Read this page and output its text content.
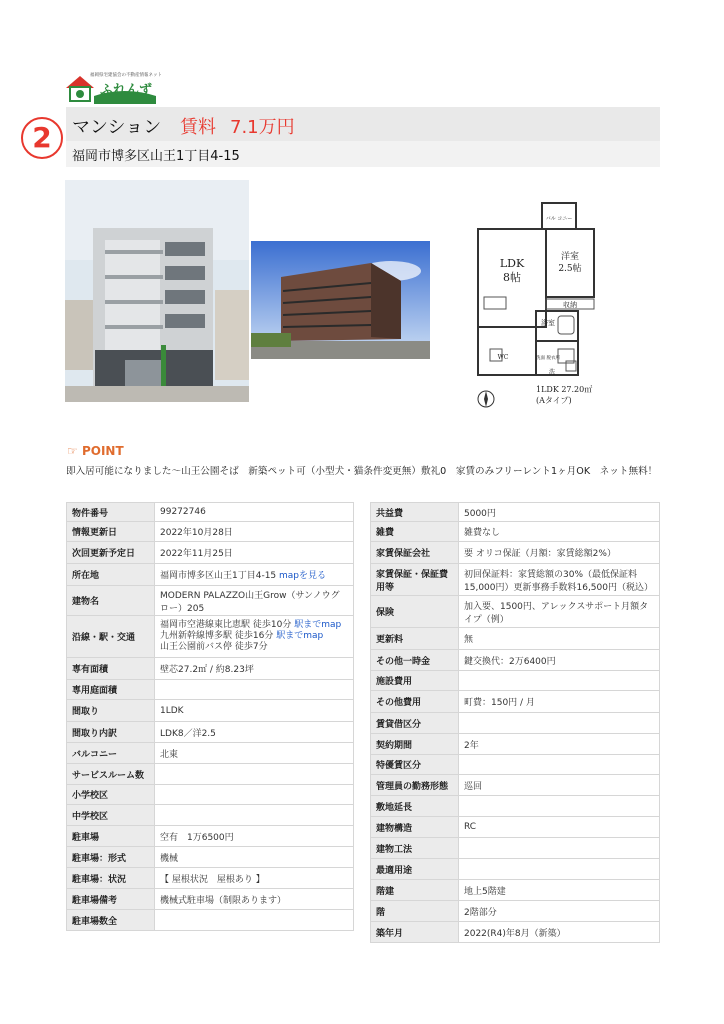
福岡県宅建協会の不動産情報ネット
ふれんず
2	マンション 賃料 7.1万円
福岡市博多区山王1丁目4-15
LDK
8帖
洋室
2.5帖
バル コニー
収納
浴室
洗面 脱衣所
WC
洗
1LDK 27.20㎡
(Aタイプ)
☞ POINT
即入居可能になりました〜山王公園そば　新築ペット可（小型犬・猫条件変更無）敷礼0　家賃のみフリーレント1ヶ月OK　ネット無料！
物件番号	99272746
情報更新日	2022年10月28日
次回更新予定日	2022年11月25日
所在地	福岡市博多区山王1丁目4-15 mapを見る
建物名	MODERN PALAZZO山王Grow（サンノウグロー）205
沿線・駅・交通	福岡市空港線東比恵駅 徒歩10分 駅までmap
九州新幹線博多駅 徒歩16分 駅までmap
山王公園前バス停 徒歩7分

専有面積	壁芯27.2㎡ / 約8.23坪
専用庭面積	
間取り	1LDK
間取り内訳	LDK8／洋2.5
バルコニー	北東
サービスルーム数	
小学校区	
中学校区	
駐車場	空有　1万6500円
駐車場：形式	機械
駐車場：状況	【 屋根状況　屋根あり 】
駐車場備考	機械式駐車場（制限あります）
駐車場数全	
共益費	5000円
雑費	雑費なし
家賃保証会社	要 オリコ保証（月額：家賃総額2%）
家賃保証・保証費用等	初回保証料：家賃総額の30%（最低保証料15,000円）更新事務手数料16,500円（税込）
保険	加入要、1500円、アレックスサポート月額タイプ（例）
更新料	無
その他一時金	鍵交換代：2万6400円
施設費用	
その他費用	町費：150円 / 月
賃貸借区分	
契約期間	2年
特優賃区分	
管理員の勤務形態	巡回
敷地延長	
建物構造	RC
建物工法	
最適用途	
階建	地上5階建
階	2階部分
築年月	2022(R4)年8月（新築）
